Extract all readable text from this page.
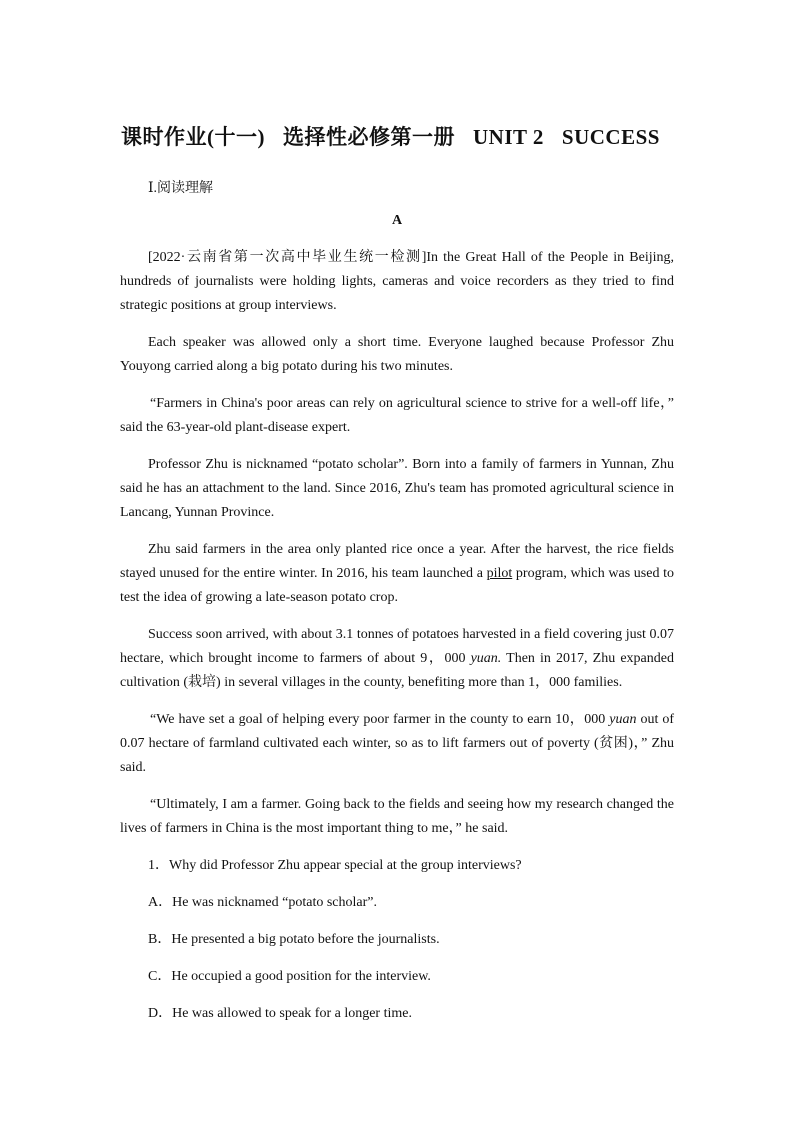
课时作业(十一) 选择性必修第一册 UNIT 2 SUCCESS
Ⅰ.阅读理解
A

[2022·云南省第一次高中毕业生统一检测]In the Great Hall of the People in Beijing, hundreds of journalists were holding lights, cameras and voice recorders as they tried to find strategic positions at group interviews.

Each speaker was allowed only a short time. Everyone laughed because Professor Zhu Youyong carried along a big potato during his two minutes.

“Farmers in China's poor areas can rely on agricultural science to strive for a well-off life，” said the 63-year-old plant-disease expert.

Professor Zhu is nicknamed “potato scholar”. Born into a family of farmers in Yunnan, Zhu said he has an attachment to the land. Since 2016, Zhu's team has promoted agricultural science in Lancang, Yunnan Province.

Zhu said farmers in the area only planted rice once a year. After the harvest, the rice fields stayed unused for the entire winter. In 2016, his team launched a pilot program, which was used to test the idea of growing a late-season potato crop.

Success soon arrived, with about 3.1 tonnes of potatoes harvested in a field covering just 0.07 hectare, which brought income to farmers of about 9，000 yuan. Then in 2017, Zhu expanded cultivation (栽培) in several villages in the county, benefiting more than 1，000 families.

“We have set a goal of helping every poor farmer in the county to earn 10，000 yuan out of 0.07 hectare of farmland cultivated each winter, so as to lift farmers out of poverty (贫困)，” Zhu said.

“Ultimately, I am a farmer. Going back to the fields and seeing how my research changed the lives of farmers in China is the most important thing to me，” he said.

1．Why did Professor Zhu appear special at the group interviews?

A．He was nicknamed “potato scholar”.

B．He presented a big potato before the journalists.

C．He occupied a good position for the interview.

D．He was allowed to speak for a longer time.
